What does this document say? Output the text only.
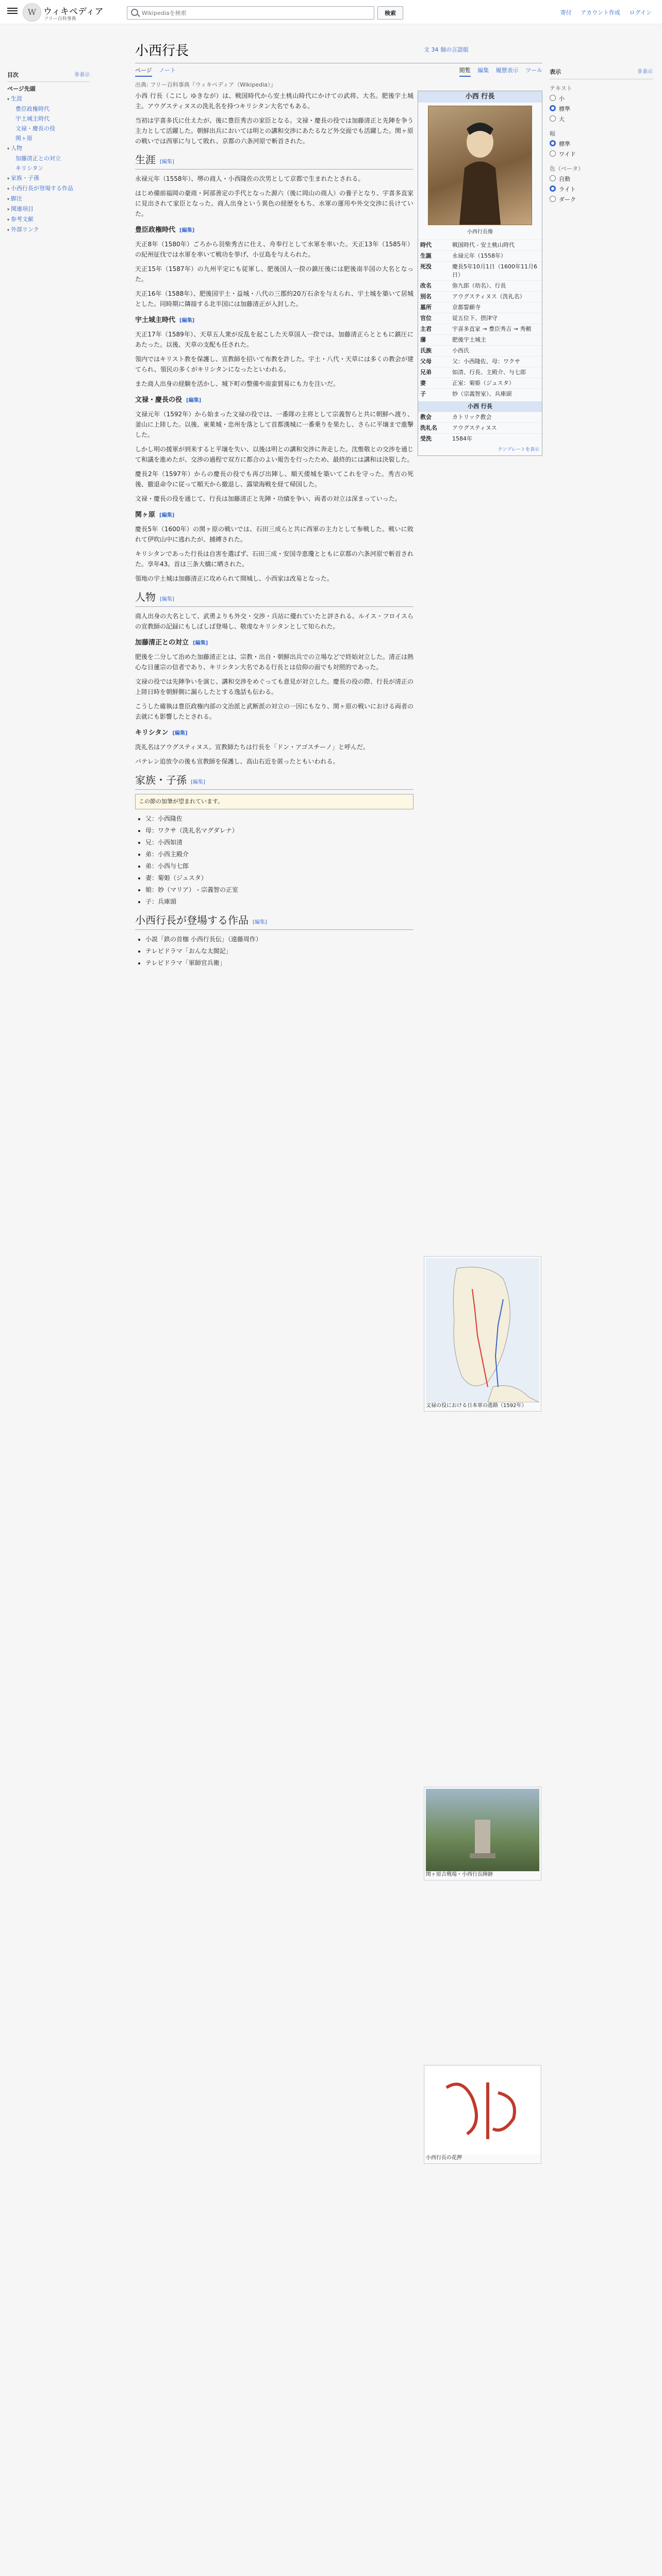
W ウィキペディア
フリー百科事典
Wikipediaを検索
検索	寄付 アカウント作成 ログイン
目次	非表示
ページ先頭
▾ 生涯
豊臣政権時代
宇土城主時代
文禄・慶長の役
関ヶ原
▾ 人物
加藤清正との対立
キリシタン
▾ 家族・子孫
▾ 小西行長が登場する作品
▾ 脚注
▾ 関連項目
▾ 参考文献
▾ 外部リンク
小西行長	文 34 個の言語版
ページ ノート	閲覧 編集 履歴表示 ツール
出典: フリー百科事典『ウィキペディア（Wikipedia）』

小西 行長（こにし ゆきなが）は、戦国時代から安土桃山時代にかけての武将、大名。肥後宇土城主。アウグスティヌスの洗礼名を持つキリシタン大名でもある。

当初は宇喜多氏に仕えたが、後に豊臣秀吉の家臣となる。文禄・慶長の役では加藤清正と先陣を争う主力として活躍した。朝鮮出兵においては明との講和交渉にあたるなど外交面でも活躍した。関ヶ原の戦いでは西軍に与して敗れ、京都の六条河原で斬首された。

生涯 [編集]

永禄元年（1558年）、堺の商人・小西隆佐の次男として京都で生まれたとされる。

はじめ備前福岡の豪商・阿部善定の手代となった源六（後に岡山の商人）の養子となり、宇喜多直家に見出されて家臣となった。商人出身という異色の経歴をもち、水軍の運用や外交交渉に長けていた。

豊臣政権時代 [編集]

天正8年（1580年）ごろから羽柴秀吉に仕え、舟奉行として水軍を率いた。天正13年（1585年）の紀州征伐では水軍を率いて戦功を挙げ、小豆島を与えられた。

天正15年（1587年）の九州平定にも従軍し、肥後国人一揆の鎮圧後には肥後南半国の大名となった。

天正16年（1588年）、肥後国宇土・益城・八代の三郡約20万石余を与えられ、宇土城を築いて居城とした。同時期に隣接する北半国には加藤清正が入封した。

宇土城主時代 [編集]

天正17年（1589年）、天草五人衆が反乱を起こした天草国人一揆では、加藤清正らとともに鎮圧にあたった。以後、天草の支配も任された。

領内ではキリスト教を保護し、宣教師を招いて布教を許した。宇土・八代・天草には多くの教会が建てられ、領民の多くがキリシタンになったといわれる。

また商人出身の経験を活かし、城下町の整備や南蛮貿易にも力を注いだ。

文禄・慶長の役 [編集]

文禄元年（1592年）から始まった文禄の役では、一番隊の主将として宗義智らと共に朝鮮へ渡り、釜山に上陸した。以後、東萊城・忠州を落として首都漢城に一番乗りを果たし、さらに平壌まで進撃した。

しかし明の援軍が到来すると平壌を失い、以後は明との講和交渉に奔走した。沈惟敬との交渉を通じて和議を進めたが、交渉の過程で双方に都合のよい報告を行ったため、最終的には講和は決裂した。

慶長2年（1597年）からの慶長の役でも再び出陣し、順天倭城を築いてこれを守った。秀吉の死後、撤退命令に従って順天から撤退し、露梁海戦を経て帰国した。

文禄・慶長の役を通じて、行長は加藤清正と先陣・功績を争い、両者の対立は深まっていった。

関ヶ原 [編集]

慶長5年（1600年）の関ヶ原の戦いでは、石田三成らと共に西軍の主力として参戦した。戦いに敗れて伊吹山中に逃れたが、捕縛された。

キリシタンであった行長は自害を選ばず、石田三成・安国寺恵瓊とともに京都の六条河原で斬首された。享年43。首は三条大橋に晒された。

領地の宇土城は加藤清正に攻められて開城し、小西家は改易となった。

人物 [編集]

商人出身の大名として、武勇よりも外交・交渉・兵站に優れていたと評される。ルイス・フロイスらの宣教師の記録にもしばしば登場し、敬虔なキリシタンとして知られた。

加藤清正との対立 [編集]

肥後を二分して治めた加藤清正とは、宗教・出自・朝鮮出兵での立場などで終始対立した。清正は熱心な日蓮宗の信者であり、キリシタン大名である行長とは信仰の面でも対照的であった。

文禄の役では先陣争いを演じ、講和交渉をめぐっても意見が対立した。慶長の役の際、行長が清正の上陸日時を朝鮮側に漏らしたとする逸話も伝わる。

こうした確執は豊臣政権内部の文治派と武断派の対立の一因にもなり、関ヶ原の戦いにおける両者の去就にも影響したとされる。

キリシタン [編集]

洗礼名はアウグスティヌス。宣教師たちは行長を「ドン・アゴスチーノ」と呼んだ。

バテレン追放令の後も宣教師を保護し、高山右近を匿ったともいわれる。

家族・子孫 [編集]
この節の加筆が望まれています。
• 父：小西隆佐
• 母：ワクサ（洗礼名マグダレナ）
• 兄：小西如清
• 弟：小西主殿介
• 弟：小西与七郎
• 妻：菊姫（ジュスタ）
• 娘：妙（マリア） - 宗義智の正室
• 子：兵庫頭
小西行長が登場する作品 [編集]
• 小説「鉄の首枷 小西行長伝」（遠藤周作）
• テレビドラマ「おんな太閤記」
• テレビドラマ「軍師官兵衛」
小西 行長
小西行長像
時代	戦国時代 - 安土桃山時代
生誕	永禄元年（1558年）
死没	慶長5年10月1日（1600年11月6日）
改名	弥九郎（幼名）、行長
別名	アウグスティヌス（洗礼名）
墓所	京都誓願寺
官位	従五位下、摂津守
主君	宇喜多直家 → 豊臣秀吉 → 秀頼
藩	肥後宇土城主
氏族	小西氏
父母	父：小西隆佐、母：ワクサ
兄弟	如清、行長、主殿介、与七郎
妻	正室：菊姫（ジュスタ）
子	妙（宗義智室）、兵庫頭
小西 行長
教会	カトリック教会
洗礼名	アウグスティヌス
受洗	1584年
テンプレートを表示
文禄の役における日本軍の進路（1592年）
関ヶ原古戦場・小西行長陣跡
小西行長の花押
表示	非表示
テキスト
小
標準
大
幅
標準
ワイド
色（ベータ）
自動
ライト
ダーク
